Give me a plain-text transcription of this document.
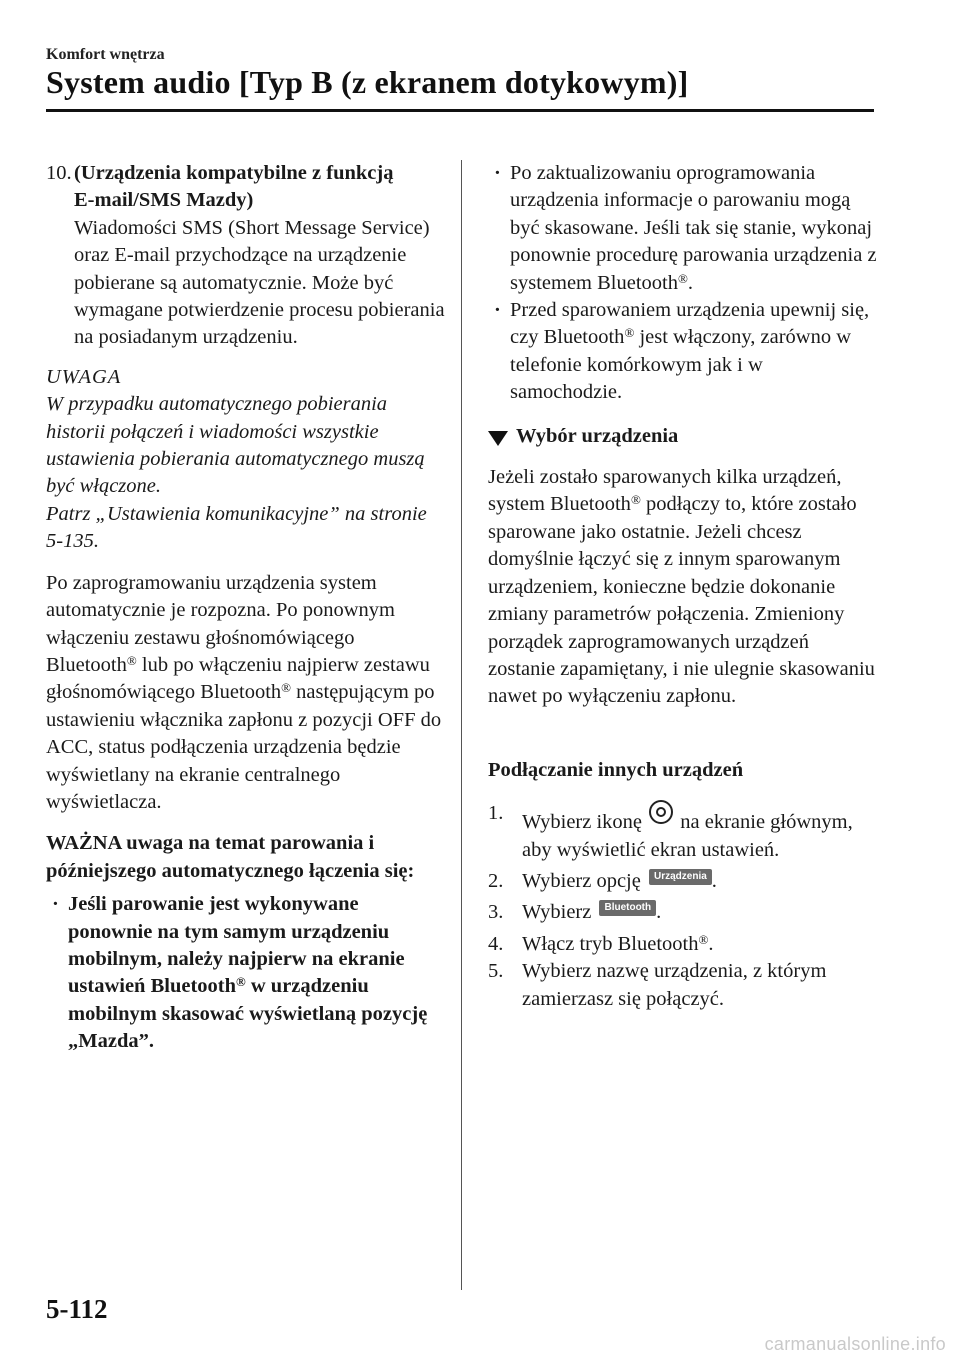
Komfort wnętrza
System audio [Typ B (z ekranem dotykowym)]
10. (Urządzenia kompatybilne z funkcją
E-mail/SMS Mazdy)

Wiadomości SMS (Short Message Service) oraz E-mail przychodzące na urządzenie pobierane są automatycznie. Może być wymagane potwierdzenie procesu pobierania na posiadanym urządzeniu.

UWAGA

W przypadku automatycznego pobierania historii połączeń i wiadomości wszystkie ustawienia pobierania automatycznego muszą być włączone.

Patrz „Ustawienia komunikacyjne” na stronie 5-135.

Po zaprogramowaniu urządzenia system automatycznie je rozpozna. Po ponownym włączeniu zestawu głośnomówiącego Bluetooth® lub po włączeniu najpierw zestawu głośnomówiącego Bluetooth® następującym po ustawieniu włącznika zapłonu z pozycji OFF do ACC, status podłączenia urządzenia będzie wyświetlany na ekranie centralnego wyświetlacza.

WAŻNA uwaga na temat parowania i późniejszego automatycznego łączenia się:

· Jeśli parowanie jest wykonywane ponownie na tym samym urządzeniu mobilnym, należy najpierw na ekranie ustawień Bluetooth® w urządzeniu mobilnym skasować wyświetlaną pozycję „Mazda”.
· Po zaktualizowaniu oprogramowania urządzenia informacje o parowaniu mogą być skasowane. Jeśli tak się stanie, wykonaj ponownie procedurę parowania urządzenia z systemem Bluetooth®.
· Przed sparowaniem urządzenia upewnij się, czy Bluetooth® jest włączony, zarówno w telefonie komórkowym jak i w samochodzie.

Wybór urządzenia

Jeżeli zostało sparowanych kilka urządzeń, system Bluetooth® podłączy to, które zostało sparowane jako ostatnie. Jeżeli chcesz domyślnie łączyć się z innym sparowanym urządzeniem, konieczne będzie dokonanie zmiany parametrów połączenia. Zmieniony porządek zaprogramowanych urządzeń zostanie zapamiętany, i nie ulegnie skasowaniu nawet po wyłączeniu zapłonu.

Podłączanie innych urządzeń

1. Wybierz ikonę  na ekranie głównym, aby wyświetlić ekran ustawień.
2. Wybierz opcję Urządzenia .
3. Wybierz Bluetooth .
4. Włącz tryb Bluetooth®.
5. Wybierz nazwę urządzenia, z którym zamierzasz się połączyć.
5-112
carmanualsonline.info
